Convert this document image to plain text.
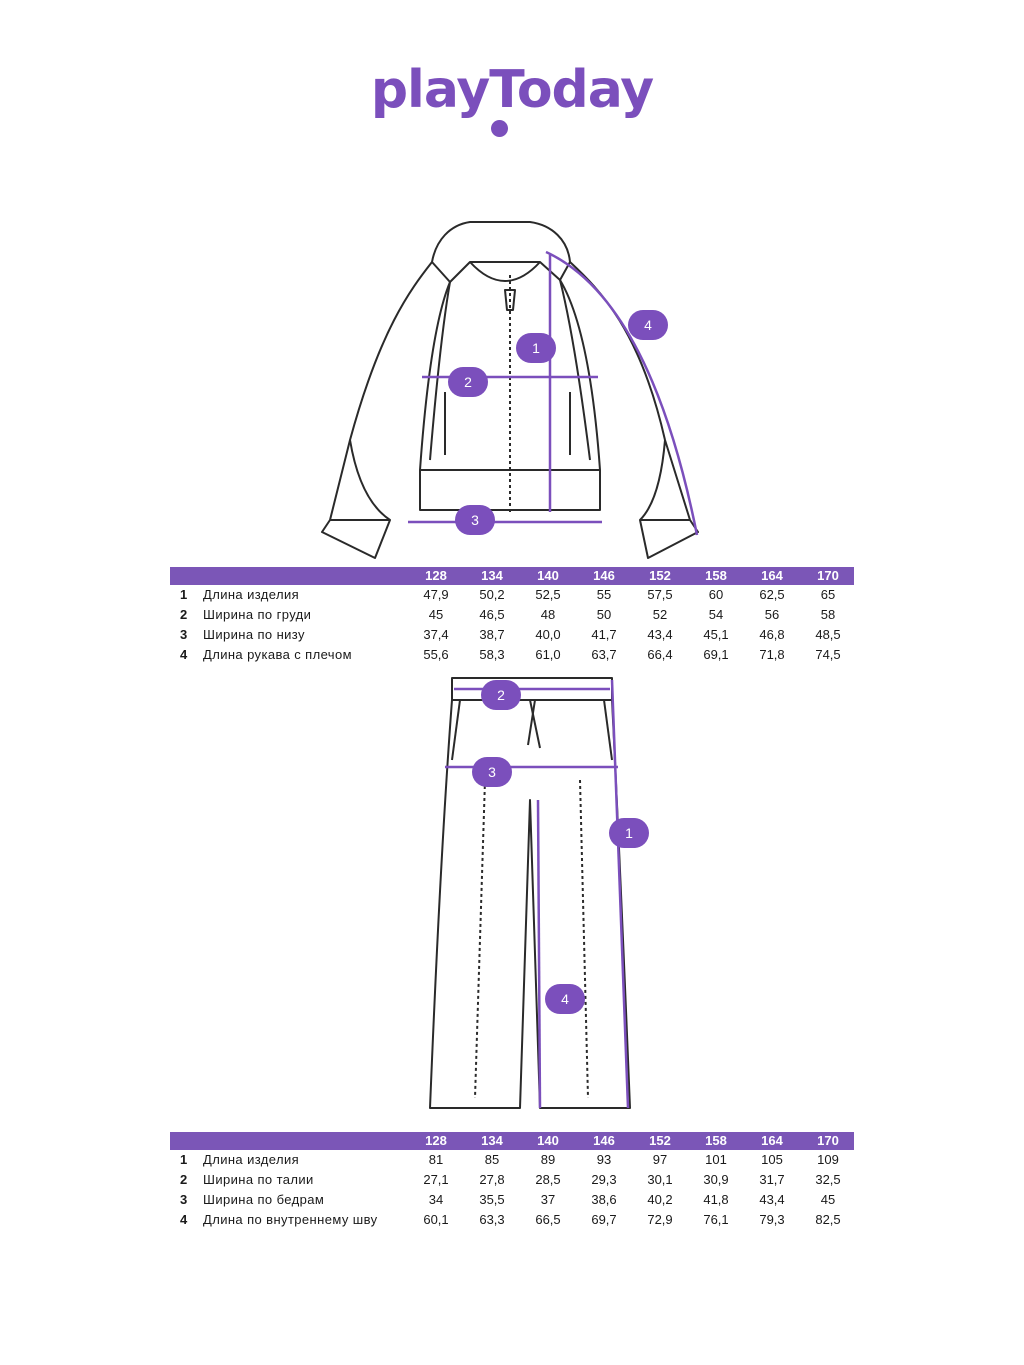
playToday
1
2
3
4
128	134	140	146	152	158	164	170
1 Длина изделия	47,9	50,2	52,5	55	57,5	60	62,5	65
2 Ширина по груди	45	46,5	48	50	52	54	56	58
3 Ширина по низу	37,4	38,7	40,0	41,7	43,4	45,1	46,8	48,5
4 Длина рукава с плечом	55,6	58,3	61,0	63,7	66,4	69,1	71,8	74,5
2
3
1
4
128	134	140	146	152	158	164	170
1 Длина изделия	81	85	89	93	97	101	105	109
2 Ширина по талии	27,1	27,8	28,5	29,3	30,1	30,9	31,7	32,5
3 Ширина по бедрам	34	35,5	37	38,6	40,2	41,8	43,4	45
4 Длина по внутреннему шву	60,1	63,3	66,5	69,7	72,9	76,1	79,3	82,5
